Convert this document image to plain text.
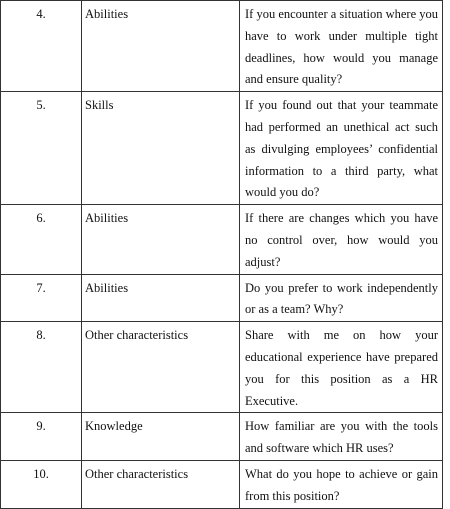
4.	Abilities	If you encounter a situation where you have to work under multiple tight deadlines, how would you manage and ensure quality?
5.	Skills	If you found out that your teammate had performed an unethical act such as divulging employees’ confidential information to a third party, what would you do?
6.	Abilities	If there are changes which you have no control over, how would you adjust?
7.	Abilities	Do you prefer to work independently or as a team? Why?
8.	Other characteristics	Share with me on how your educational experience have prepared you for this position as a HR Executive.
9.	Knowledge	How familiar are you with the tools and software which HR uses?
10.	Other characteristics	What do you hope to achieve or gain from this position?
